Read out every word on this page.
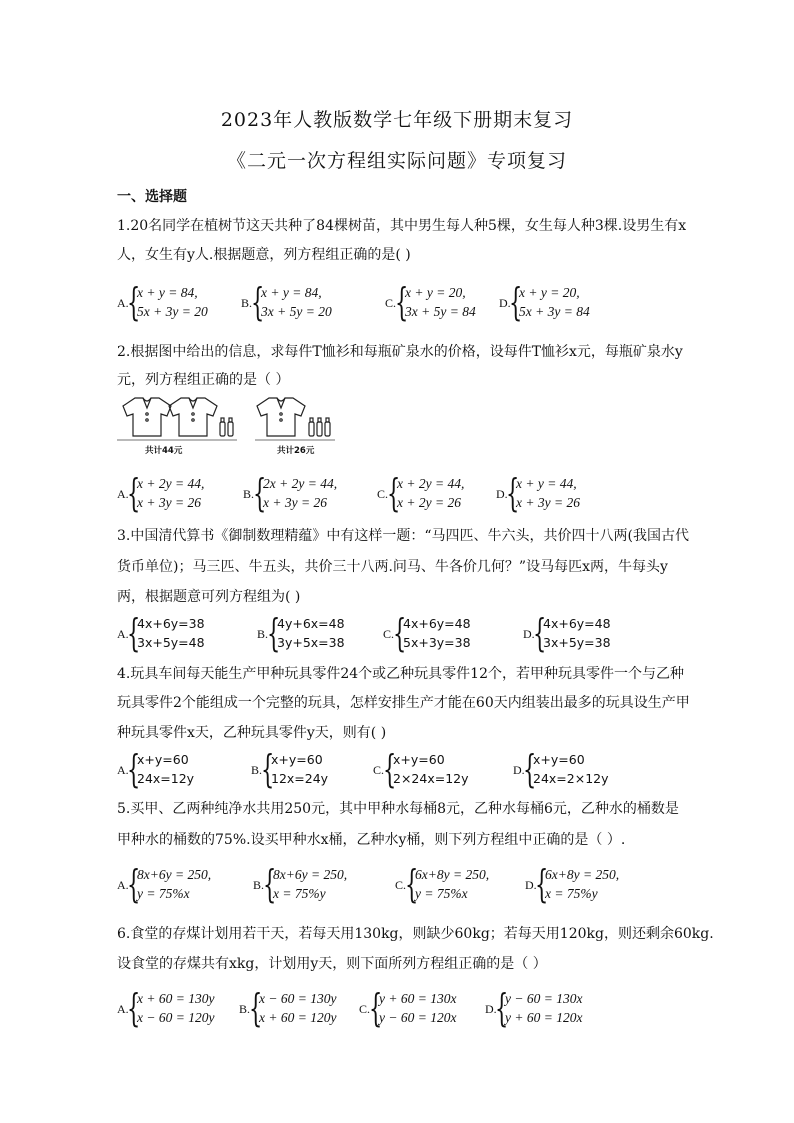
2023年人教版数学七年级下册期末复习
《二元一次方程组实际问题》专项复习
一、选择题
1.20名同学在植树节这天共种了84棵树苗，其中男生每人种5棵，女生每人种3棵.设男生有x
人，女生有y人.根据题意，列方程组正确的是( )
A.
{
x + y = 84,
5x + 3y = 20
B.
{
x + y = 84,
3x + 5y = 20
C.
{
x + y = 20,
3x + 5y = 84
D.
{
x + y = 20,
5x + 3y = 84
2.根据图中给出的信息，求每件T恤衫和每瓶矿泉水的价格，设每件T恤衫x元，每瓶矿泉水y
元，列方程组正确的是（ ）
共计44元	共计26元
A.
{
x + 2y = 44,
x + 3y = 26
B.
{
2x + 2y = 44,
x + 3y = 26
C.
{
x + 2y = 44,
x + 2y = 26
D.
{
x + y = 44,
x + 3y = 26
3.中国清代算书《御制数理精蕴》中有这样一题：“马四匹、牛六头，共价四十八两(我国古代
货币单位)；马三匹、牛五头，共价三十八两.问马、牛各价几何？”设马每匹x两，牛每头y
两，根据题意可列方程组为( )
A.
{
4x+6y=38
3x+5y=48
B.
{
4y+6x=48
3y+5x=38
C.
{
4x+6y=48
5x+3y=38
D.
{
4x+6y=48
3x+5y=38
4.玩具车间每天能生产甲种玩具零件24个或乙种玩具零件12个，若甲种玩具零件一个与乙种
玩具零件2个能组成一个完整的玩具，怎样安排生产才能在60天内组装出最多的玩具设生产甲
种玩具零件x天，乙种玩具零件y天，则有( )
A.
{
x+y=60
24x=12y
B.
{
x+y=60
12x=24y
C.
{
x+y=60
2×24x=12y
D.
{
x+y=60
24x=2×12y
5.买甲、乙两种纯净水共用250元，其中甲种水每桶8元，乙种水每桶6元，乙种水的桶数是
甲种水的桶数的75%.设买甲种水x桶，乙种水y桶，则下列方程组中正确的是（ ）.
A.
{
8x+6y = 250,
y = 75%x
B.
{
8x+6y = 250,
x = 75%y
C.
{
6x+8y = 250,
y = 75%x
D.
{
6x+8y = 250,
x = 75%y
6.食堂的存煤计划用若干天，若每天用130kg，则缺少60kg；若每天用120kg，则还剩余60kg.
设食堂的存煤共有xkg，计划用y天，则下面所列方程组正确的是（ ）
A.
{
x + 60 = 130y
x − 60 = 120y
B.
{
x − 60 = 130y
x + 60 = 120y
C.
{
y + 60 = 130x
y − 60 = 120x
D.
{
y − 60 = 130x
y + 60 = 120x
